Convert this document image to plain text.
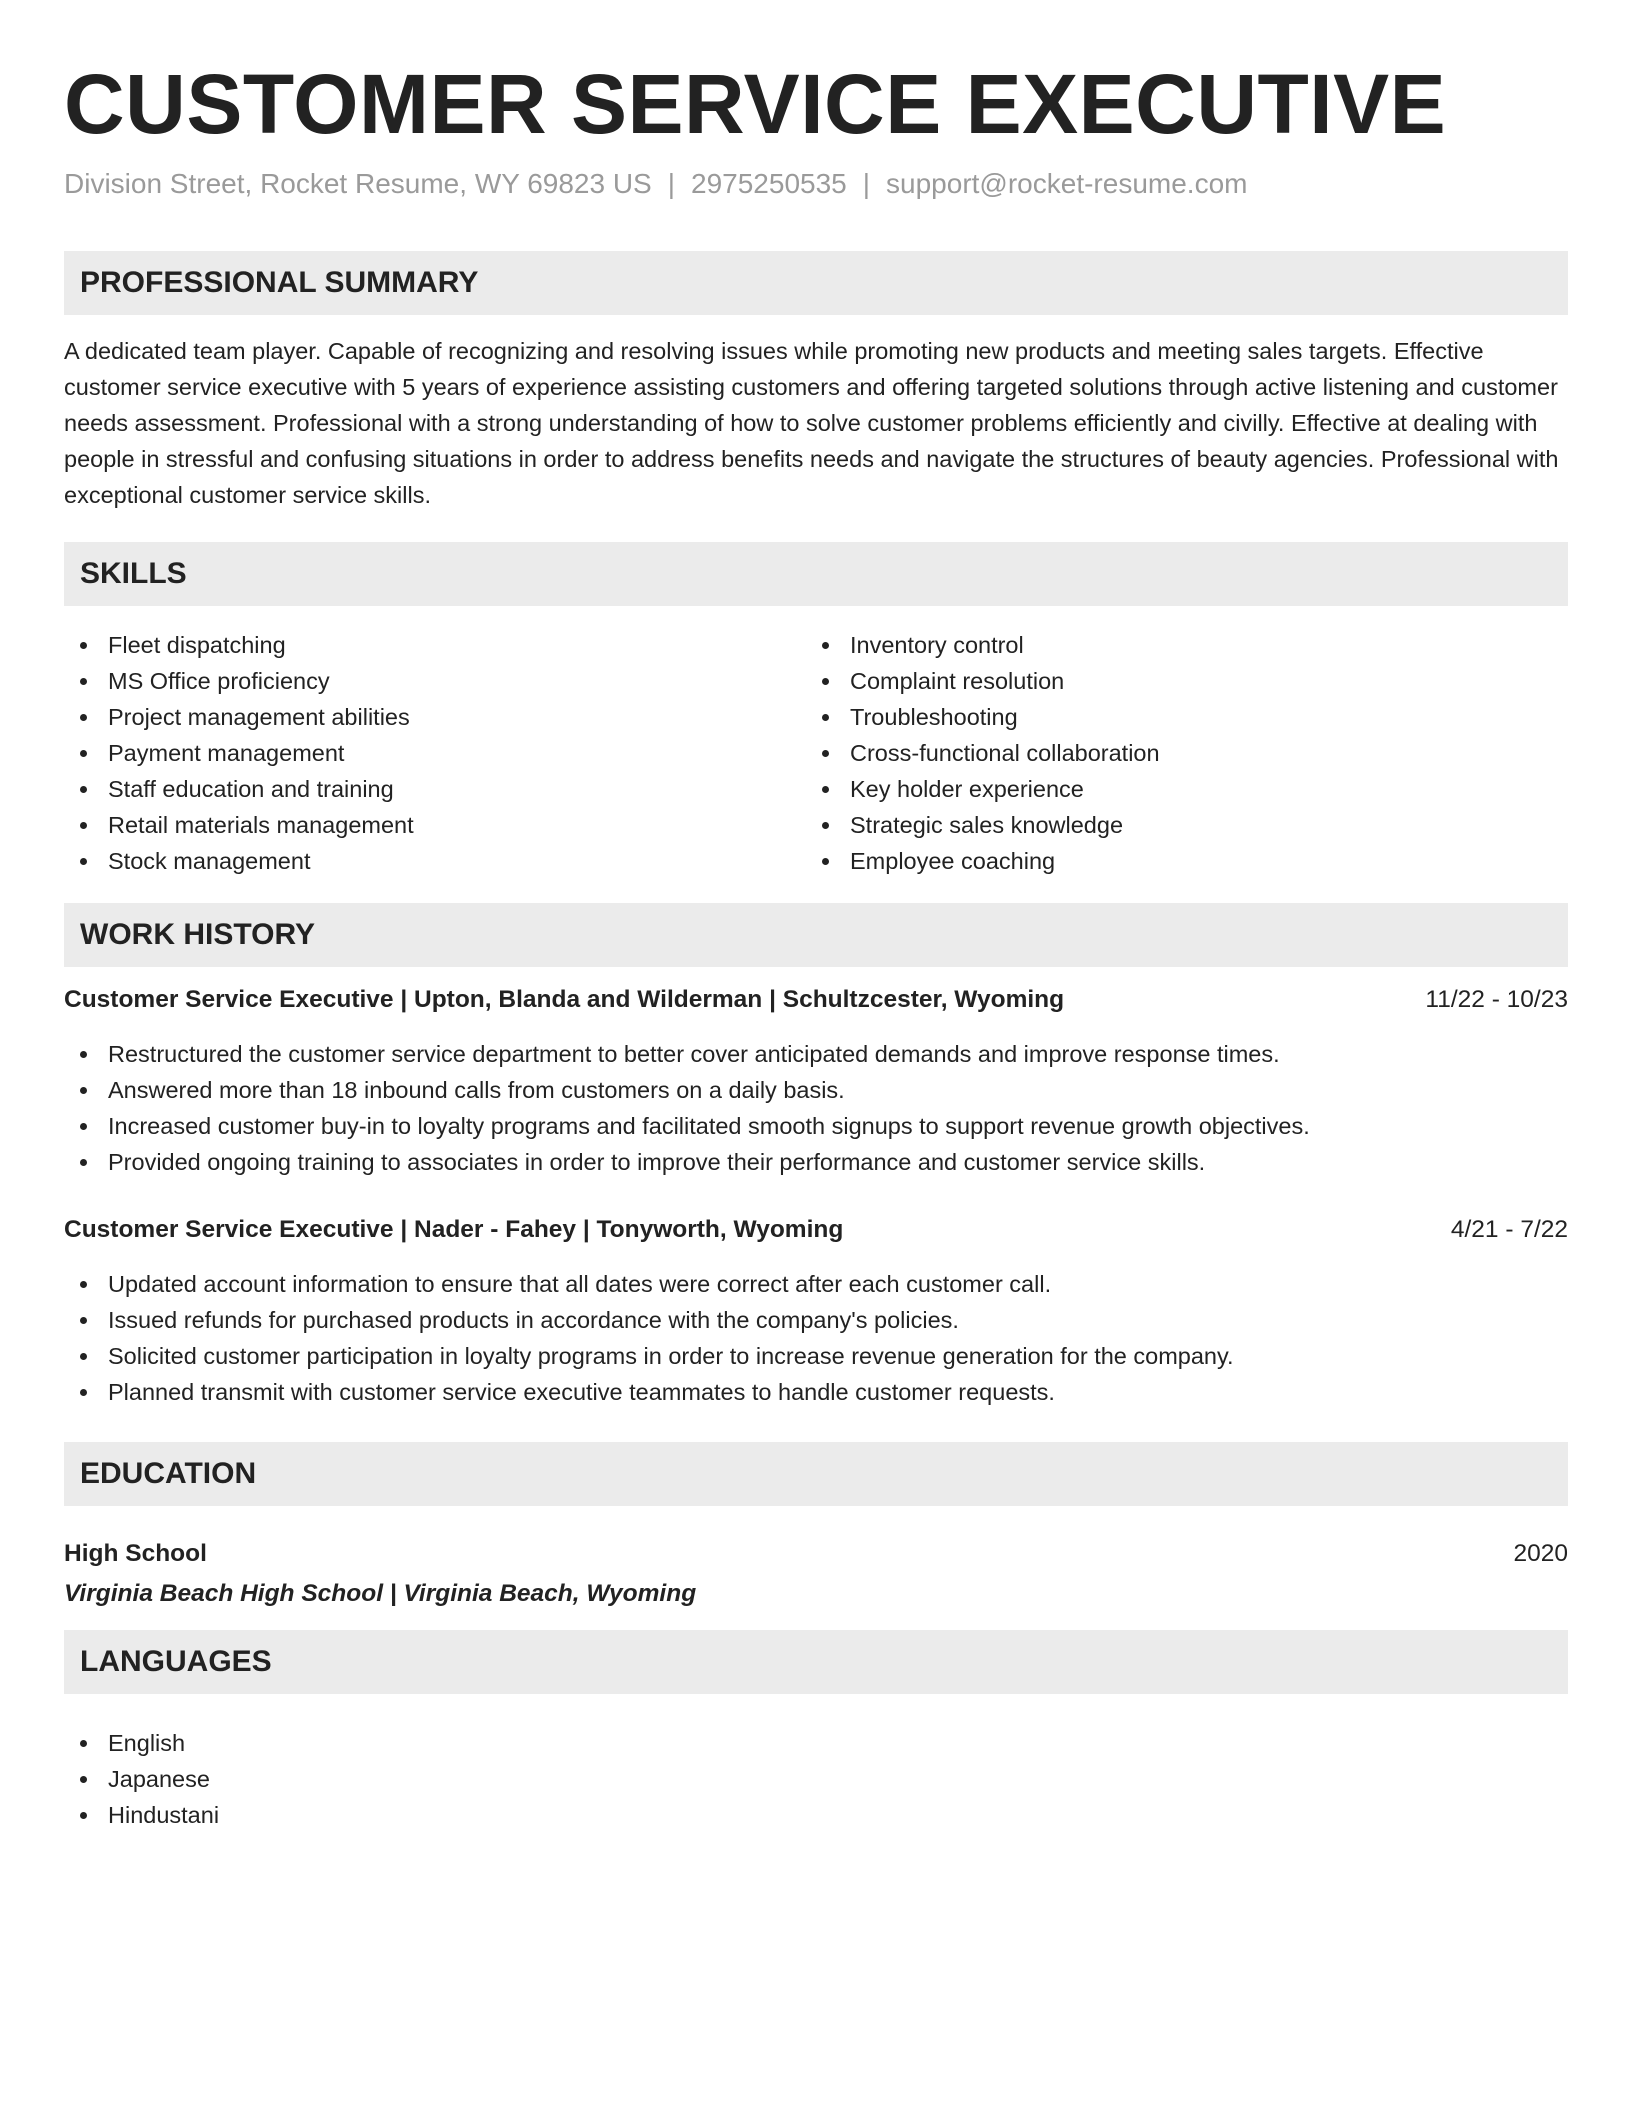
CUSTOMER SERVICE EXECUTIVE
Division Street, Rocket Resume, WY 69823 US | 2975250535 | support@rocket-resume.com
PROFESSIONAL SUMMARY

A dedicated team player. Capable of recognizing and resolving issues while promoting new products and meeting sales targets. Effective customer service executive with 5 years of experience assisting customers and offering targeted solutions through active listening and customer needs assessment. Professional with a strong understanding of how to solve customer problems efficiently and civilly. Effective at dealing with people in stressful and confusing situations in order to address benefits needs and navigate the structures of beauty agencies. Professional with exceptional customer service skills.

SKILLS
Fleet dispatching
MS Office proficiency
Project management abilities
Payment management
Staff education and training
Retail materials management
Stock management
Inventory control
Complaint resolution
Troubleshooting
Cross-functional collaboration
Key holder experience
Strategic sales knowledge
Employee coaching
WORK HISTORY
Customer Service Executive | Upton, Blanda and Wilderman | Schultzcester, Wyoming	11/22 - 10/23
Restructured the customer service department to better cover anticipated demands and improve response times.
Answered more than 18 inbound calls from customers on a daily basis.
Increased customer buy-in to loyalty programs and facilitated smooth signups to support revenue growth objectives.
Provided ongoing training to associates in order to improve their performance and customer service skills.
Customer Service Executive | Nader - Fahey | Tonyworth, Wyoming	4/21 - 7/22
Updated account information to ensure that all dates were correct after each customer call.
Issued refunds for purchased products in accordance with the company's policies.
Solicited customer participation in loyalty programs in order to increase revenue generation for the company.
Planned transmit with customer service executive teammates to handle customer requests.
EDUCATION
High School	2020
Virginia Beach High School | Virginia Beach, Wyoming
LANGUAGES
English
Japanese
Hindustani
